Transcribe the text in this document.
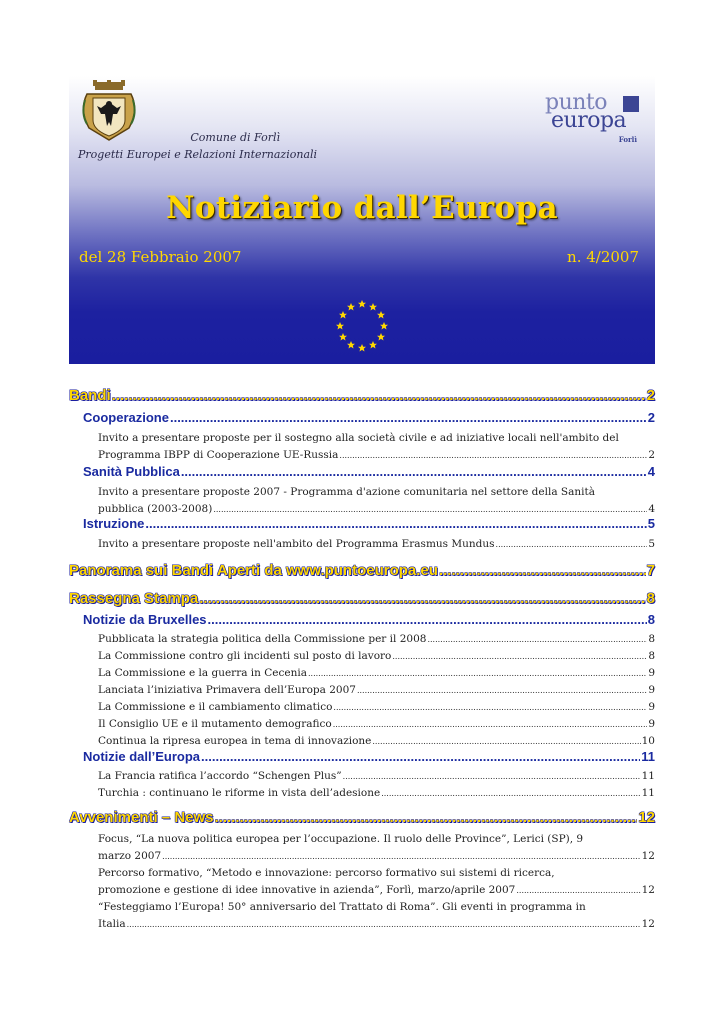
Comune di Forlì
Progetti Europei e Relazioni Internazionali
punto
europa
Forlì
Notiziario dall’Europa
del 28 Febbraio 2007	n. 4/2007
Bandi .....	2
Cooperazione .....	2
Invito a presentare proposte per il sostegno alla società civile e ad iniziative locali nell'ambito del
Programma IBPP di Cooperazione UE-Russia .....	2
Sanità Pubblica .....	4
Invito a presentare proposte 2007 - Programma d'azione comunitaria nel settore della Sanità
pubblica (2003-2008) .....	4
Istruzione .....	5
Invito a presentare proposte nell'ambito del Programma Erasmus Mundus .....	5
Panorama sui Bandi Aperti da www.puntoeuropa.eu .....	7
Rassegna Stampa .....	8
Notizie da Bruxelles .....	8
Pubblicata la strategia politica della Commissione per il 2008 .....	8
La Commissione contro gli incidenti sul posto di lavoro .....	8
La Commissione e la guerra in Cecenia .....	9
Lanciata l’iniziativa Primavera dell’Europa 2007 .....	9
La Commissione e il cambiamento climatico .....	9
Il Consiglio UE e il mutamento demografico .....	9
Continua la ripresa europea in tema di innovazione .....	10
Notizie dall’Europa .....	11
La Francia ratifica l’accordo “Schengen Plus” .....	11
Turchia : continuano le riforme in vista dell’adesione .....	11
Avvenimenti – News .....	12
Focus, “La nuova politica europea per l’occupazione. Il ruolo delle Province”, Lerici (SP), 9
marzo 2007 .....	12
Percorso formativo, “Metodo e innovazione: percorso formativo sui sistemi di ricerca,
promozione e gestione di idee innovative in azienda”, Forlì, marzo/aprile 2007 .....	12
“Festeggiamo l’Europa! 50° anniversario del Trattato di Roma”. Gli eventi in programma in
Italia .....	12
